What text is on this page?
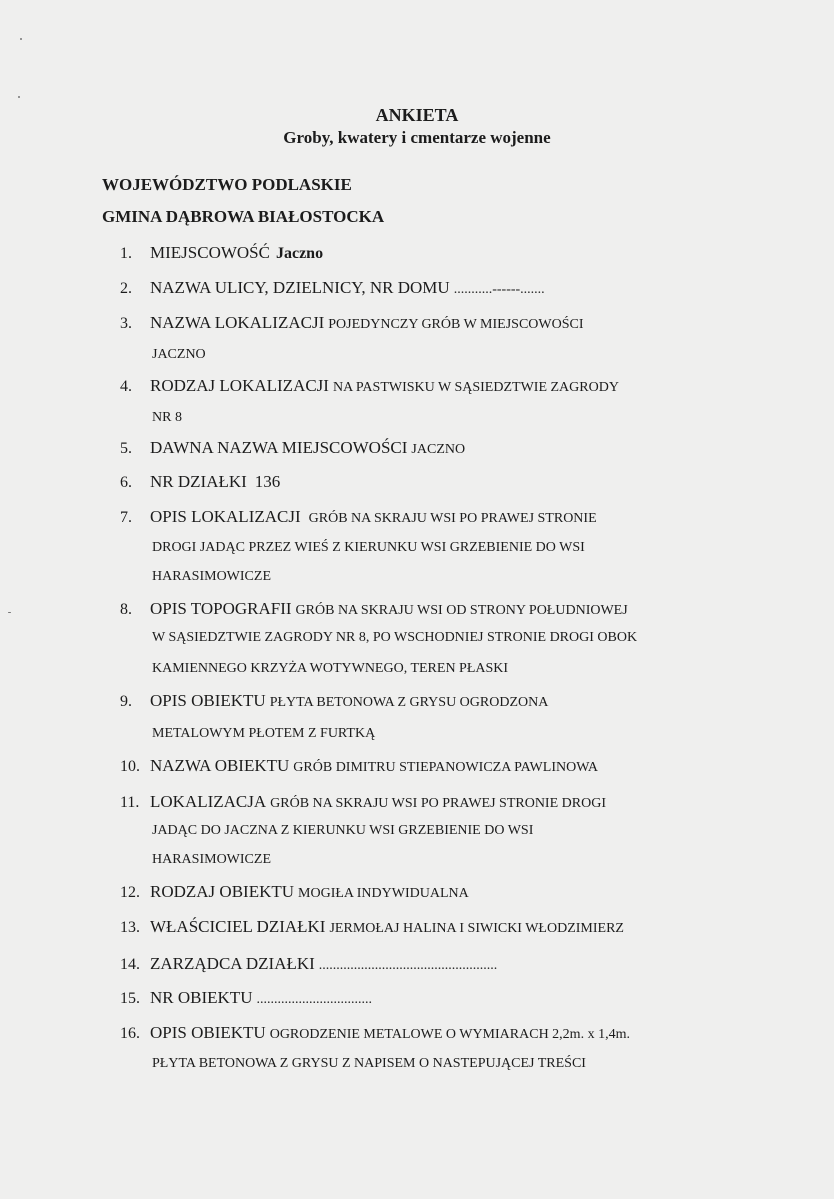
ANKIETA
Groby, kwatery i cmentarze wojenne
WOJEWÓDZTWO PODLASKIE
GMINA DĄBROWA BIAŁOSTOCKA
1. MIEJSCOWOŚĆ Jaczno
2. NAZWA ULICY, DZIELNICY, NR DOMU ...........------.......
3. NAZWA LOKALIZACJI POJEDYNCZY GRÓB W MIEJSCOWOŚCI
4. RODZAJ LOKALIZACJI NA PASTWISKU W SĄSIEDZTWIE ZAGRODY
5. DAWNA NAZWA MIEJSCOWOŚCI JACZNO
6. NR DZIAŁKI 136
7. OPIS LOKALIZACJI GRÓB NA SKRAJU WSI PO PRAWEJ STRONIE
8. OPIS TOPOGRAFII GRÓB NA SKRAJU WSI OD STRONY POŁUDNIOWEJ
9. OPIS OBIEKTU PŁYTA BETONOWA Z GRYSU OGRODZONA
10. NAZWA OBIEKTU GRÓB DIMITRU STIEPANOWICZA PAWLINOWA
11. LOKALIZACJA GRÓB NA SKRAJU WSI PO PRAWEJ STRONIE DROGI
12. RODZAJ OBIEKTU MOGIŁA INDYWIDUALNA
13. WŁAŚCICIEL DZIAŁKI JERMOŁAJ HALINA I SIWICKI WŁODZIMIERZ
14. ZARZĄDCA DZIAŁKI ...................................................
15. NR OBIEKTU .................................
16. OPIS OBIEKTU OGRODZENIE METALOWE O WYMIARACH 2,2m. x 1,4m.
JACZNO
NR 8
DROGI JADĄC PRZEZ WIEŚ Z KIERUNKU WSI GRZEBIENIE DO WSI
HARASIMOWICZE
W SĄSIEDZTWIE ZAGRODY NR 8, PO WSCHODNIEJ STRONIE DROGI OBOK
KAMIENNEGO KRZYŻA WOTYWNEGO, TEREN PŁASKI
METALOWYM PŁOTEM Z FURTKĄ
JADĄC DO JACZNA Z KIERUNKU WSI GRZEBIENIE DO WSI
HARASIMOWICZE
PŁYTA BETONOWA Z GRYSU Z NAPISEM O NASTEPUJĄCEJ TREŚCI
